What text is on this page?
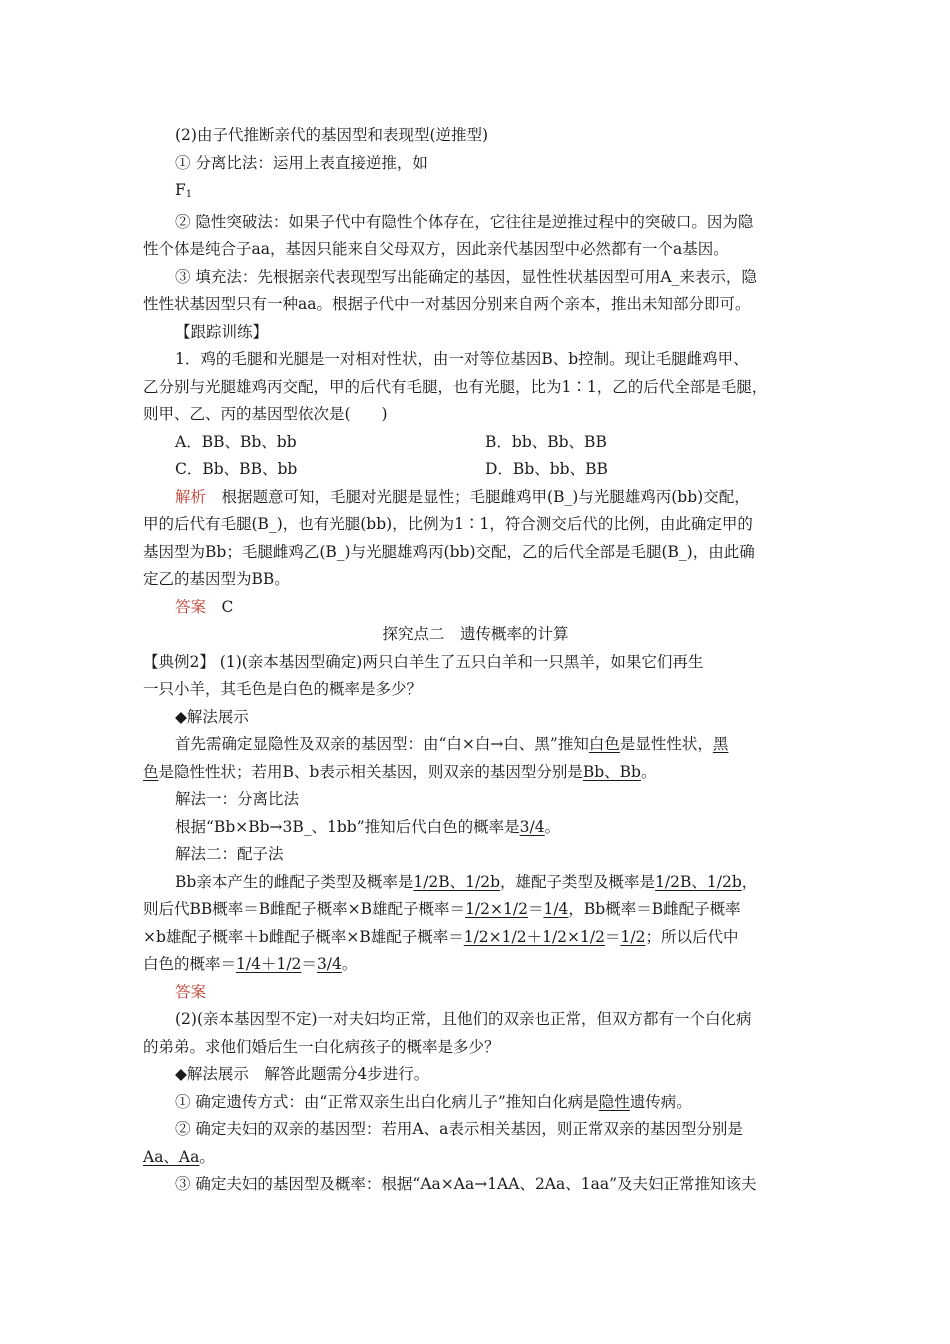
(2)由子代推断亲代的基因型和表现型(逆推型)

① 分离比法：运用上表直接逆推，如

$F_1$

② 隐性突破法：如果子代中有隐性个体存在，它往往是逆推过程中的突破口。因为隐

性个体是纯合子aa，基因只能来自父母双方，因此亲代基因型中必然都有一个a基因。

③ 填充法：先根据亲代表现型写出能确定的基因，显性性状基因型可用A_来表示，隐

性性状基因型只有一种aa。根据子代中一对基因分别来自两个亲本，推出未知部分即可。

【跟踪训练】

1．鸡的毛腿和光腿是一对相对性状，由一对等位基因B、b控制。现让毛腿雌鸡甲、

乙分别与光腿雄鸡丙交配，甲的后代有毛腿，也有光腿，比为1∶1，乙的后代全部是毛腿，

则甲、乙、丙的基因型依次是(　　)

A．BB、Bb、bb	B．bb、Bb、BB
C．Bb、BB、bb	D．Bb、bb、BB

解析　根据题意可知，毛腿对光腿是显性；毛腿雌鸡甲(B_)与光腿雄鸡丙(bb)交配，

甲的后代有毛腿(B_)，也有光腿(bb)，比例为1∶1，符合测交后代的比例，由此确定甲的

基因型为Bb；毛腿雌鸡乙(B_)与光腿雄鸡丙(bb)交配，乙的后代全部是毛腿(B_)，由此确

定乙的基因型为BB。

答案　C

探究点二　遗传概率的计算

【典例2】 (1)(亲本基因型确定)两只白羊生了五只白羊和一只黑羊，如果它们再生

一只小羊，其毛色是白色的概率是多少？

◆解法展示

首先需确定显隐性及双亲的基因型：由“白×白→白、黑”推知白色是显性性状，黑

色是隐性性状；若用B、b表示相关基因，则双亲的基因型分别是Bb、Bb。

解法一：分离比法

根据“Bb×Bb→3B_、1bb”推知后代白色的概率是3/4。

解法二：配子法

Bb亲本产生的雌配子类型及概率是1/2B、1/2b，雄配子类型及概率是1/2B、1/2b，

则后代BB概率＝B雌配子概率×B雄配子概率＝1/2×1/2＝1/4，Bb概率＝B雌配子概率

×b雄配子概率＋b雌配子概率×B雄配子概率＝1/2×1/2＋1/2×1/2＝1/2；所以后代中

白色的概率＝1/4＋1/2＝3/4。

答案

(2)(亲本基因型不定)一对夫妇均正常，且他们的双亲也正常，但双方都有一个白化病

的弟弟。求他们婚后生一白化病孩子的概率是多少？

◆解法展示　解答此题需分4步进行。

① 确定遗传方式：由“正常双亲生出白化病儿子”推知白化病是隐性遗传病。

② 确定夫妇的双亲的基因型：若用A、a表示相关基因，则正常双亲的基因型分别是

Aa、Aa。

③ 确定夫妇的基因型及概率：根据“Aa×Aa→1AA、2Aa、1aa”及夫妇正常推知该夫
